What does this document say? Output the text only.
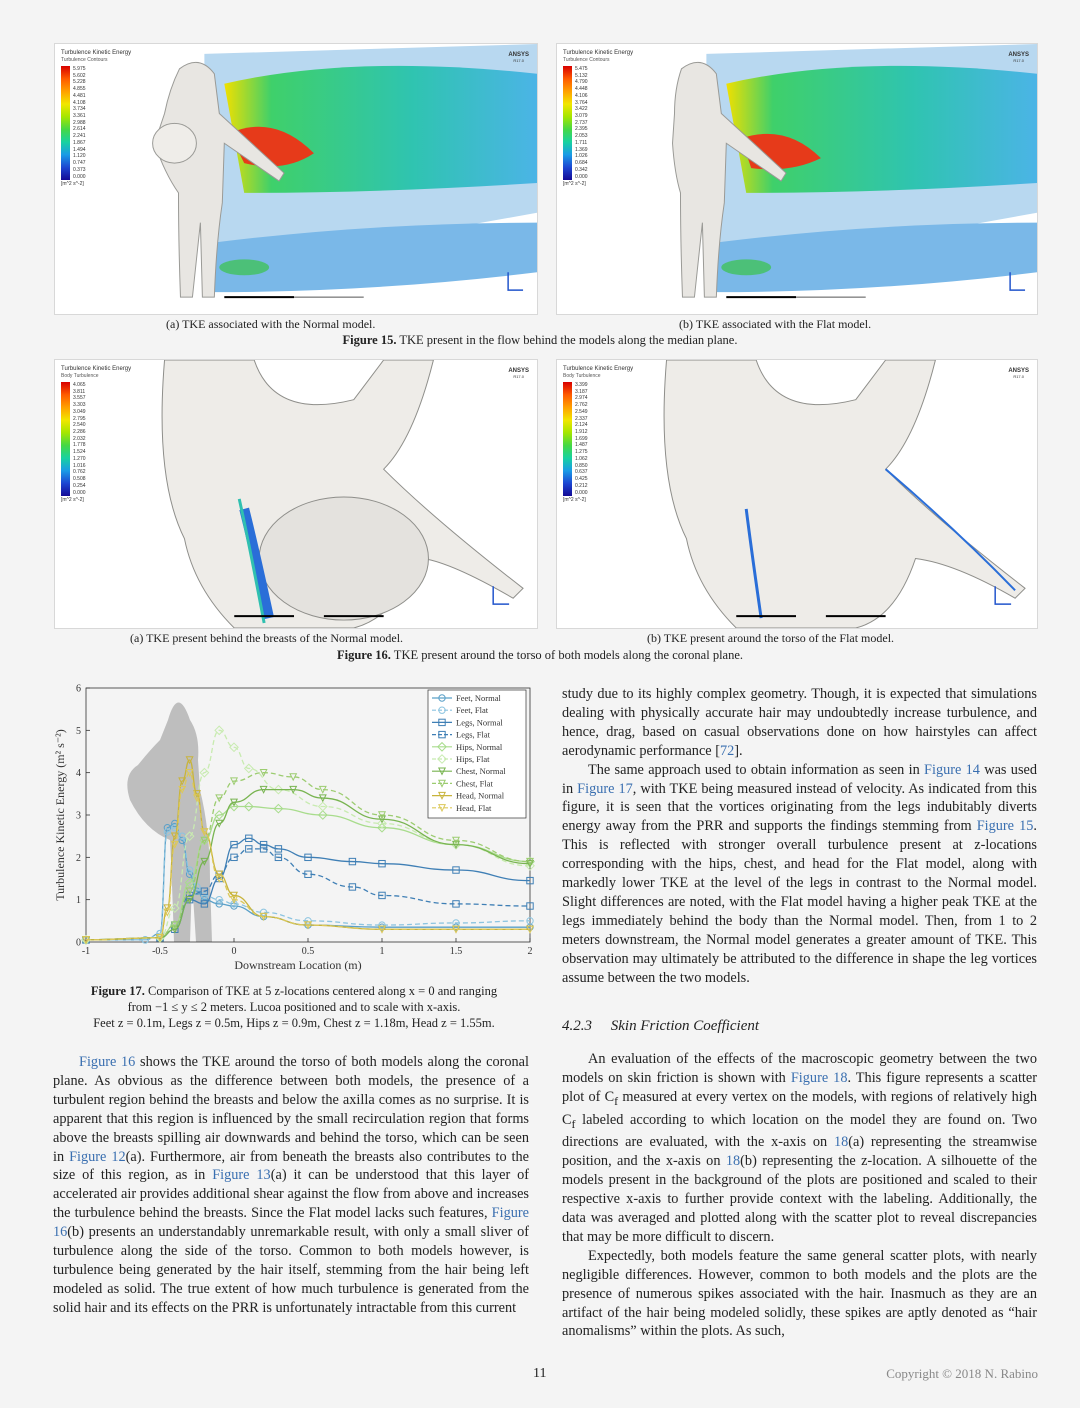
Turbulence Kinetic Energy
Turbulence Contours
5.975
5.602
5.228
4.855
4.481
4.108
3.734
3.361
2.988
2.614
2.241
1.867
1.494
1.120
0.747
0.373
0.000
[m^2 s^-2]
ANSYS
R17.0
Turbulence Kinetic Energy
Turbulence Contours
5.475
5.132
4.790
4.448
4.106
3.764
3.422
3.079
2.737
2.395
2.053
1.711
1.369
1.026
0.684
0.342
0.000
[m^2 s^-2]
ANSYS
R17.0
(a) TKE associated with the Normal model.	(b) TKE associated with the Flat model.
Figure 15. TKE present in the flow behind the models along the median plane.
Turbulence Kinetic Energy
Body Turbulence
4.065
3.811
3.557
3.303
3.049
2.795
2.540
2.286
2.032
1.778
1.524
1.270
1.016
0.762
0.508
0.254
0.000
[m^2 s^-2]
ANSYS
R17.0
Turbulence Kinetic Energy
Body Turbulence
3.399
3.187
2.974
2.762
2.549
2.337
2.124
1.912
1.699
1.487
1.275
1.062
0.850
0.637
0.425
0.212
0.000
[m^2 s^-2]
ANSYS
R17.0
(a) TKE present behind the breasts of the Normal model.	(b) TKE present around the torso of the Flat model.
Figure 16. TKE present around the torso of both models along the coronal plane.
-1	-0.5	0	0.5	1	1.5	2
0
1
2
3
4
5
6
Downstream Location (m)
Turbulence Kinetic Energy (m² s⁻²)
Feet, Normal
Feet, Flat
Legs, Normal
Legs, Flat
Hips, Normal
Hips, Flat
Chest, Normal
Chest, Flat
Head, Normal
Head, Flat
Figure 17. Comparison of TKE at 5 z-locations centered along x = 0 and ranging
from −1 ≤ y ≤ 2 meters. Lucoa positioned and to scale with x-axis.
Feet z = 0.1m, Legs z = 0.5m, Hips z = 0.9m, Chest z = 1.18m, Head z = 1.55m.

Figure 16 shows the TKE around the torso of both models along the coronal plane. As obvious as the difference between both models, the presence of a turbulent region behind the breasts and below the axilla comes as no surprise. It is apparent that this region is influenced by the small recirculation region that forms above the breasts spilling air downwards and behind the torso, which can be seen in Figure 12(a). Furthermore, air from beneath the breasts also contributes to the size of this region, as in Figure 13(a) it can be understood that this layer of accelerated air provides additional shear against the flow from above and increases the turbulence behind the breasts. Since the Flat model lacks such features, Figure 16(b) presents an understandably unremarkable result, with only a small sliver of turbulence along the side of the torso. Common to both models however, is turbulence being generated by the hair itself, stemming from the hair being left modeled as solid. The true extent of how much turbulence is generated from the solid hair and its effects on the PRR is unfortunately intractable from this current

study due to its highly complex geometry. Though, it is expected that simulations dealing with physically accurate hair may undoubtedly increase turbulence, and hence, drag, based on casual observations done on how hairstyles can affect aerodynamic performance [72].

The same approach used to obtain information as seen in Figure 14 was used in Figure 17, with TKE being measured instead of velocity. As indicated from this figure, it is seen that the vortices originating from the legs indubitably diverts energy away from the PRR and supports the findings stemming from Figure 15. This is reflected with stronger overall turbulence present at z-locations corresponding with the hips, chest, and head for the Flat model, along with markedly lower TKE at the level of the legs in contrast to the Normal model. Slight differences are noted, with the Flat model having a higher peak TKE at the legs immediately behind the body than the Normal model. Then, from 1 to 2 meters downstream, the Normal model generates a greater amount of TKE. This observation may ultimately be attributed to the difference in shape the leg vortices assume between the two models.

4.2.3 Skin Friction Coefficient

An evaluation of the effects of the macroscopic geometry between the two models on skin friction is shown with Figure 18. This figure represents a scatter plot of $C_f$ measured at every vertex on the models, with regions of relatively high $C_f$ labeled according to which location on the model they are found on. Two directions are evaluated, with the x-axis on 18(a) representing the streamwise position, and the x-axis on 18(b) representing the z-location. A silhouette of the models present in the background of the plots are positioned and scaled to their respective x-axis to further provide context with the labeling. Additionally, the data was averaged and plotted along with the scatter plot to reveal discrepancies that may be more difficult to discern.

Expectedly, both models feature the same general scatter plots, with nearly negligible differences. However, common to both models and the plots are the presence of numerous spikes associated with the hair. Inasmuch as they are an artifact of the hair being modeled solidly, these spikes are aptly denoted as “hair anomalisms” within the plots. As such,

11	Copyright © 2018 N. Rabino
